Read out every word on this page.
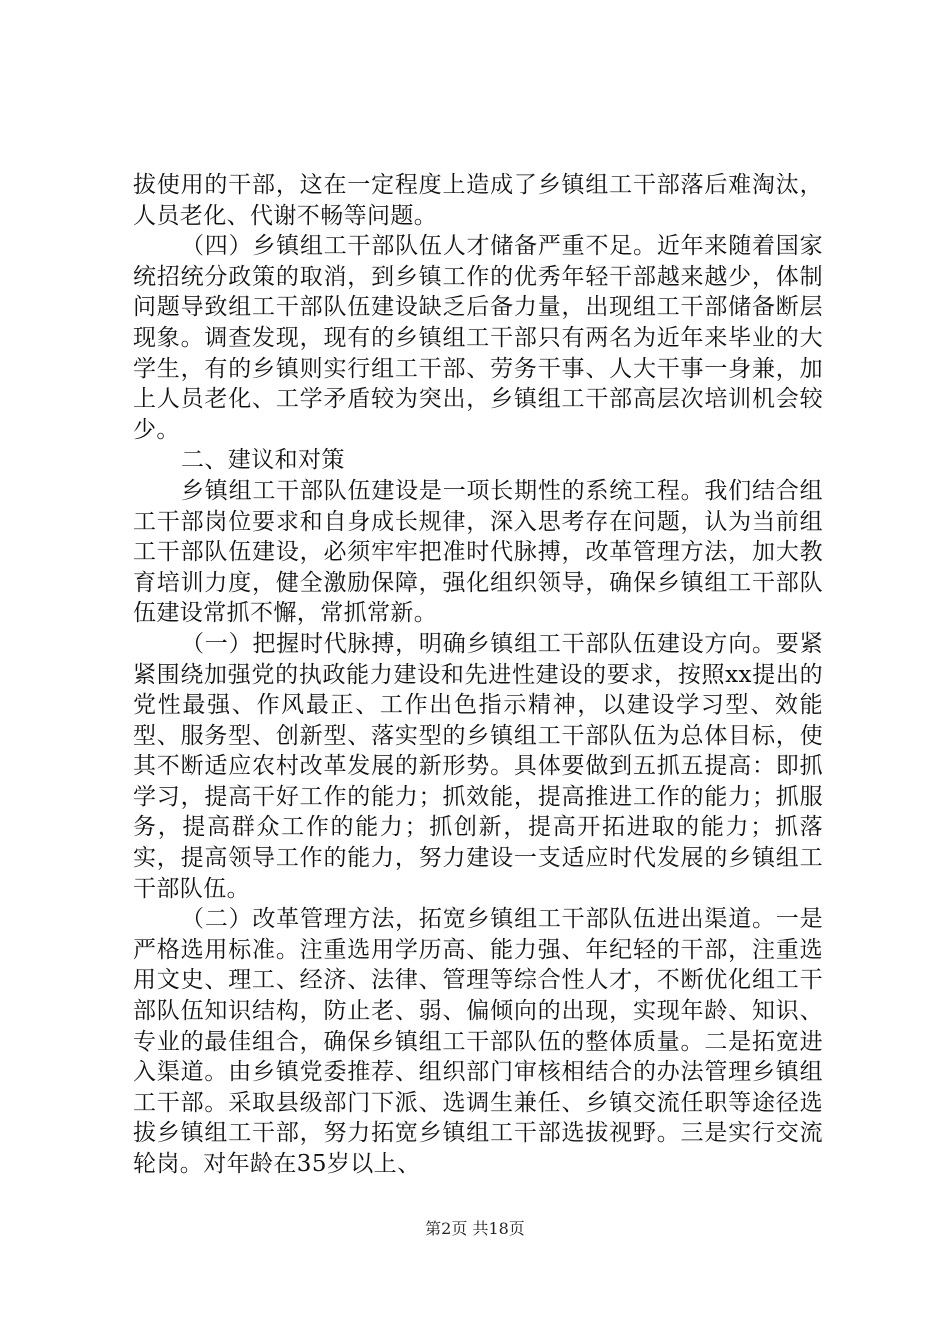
拔使用的干部，这在一定程度上造成了乡镇组工干部落后难淘汰，人员老化、代谢不畅等问题。

（四）乡镇组工干部队伍人才储备严重不足。近年来随着国家统招统分政策的取消，到乡镇工作的优秀年轻干部越来越少，体制问题导致组工干部队伍建设缺乏后备力量，出现组工干部储备断层现象。调查发现，现有的乡镇组工干部只有两名为近年来毕业的大学生，有的乡镇则实行组工干部、劳务干事、人大干事一身兼，加上人员老化、工学矛盾较为突出，乡镇组工干部高层次培训机会较少。

二、建议和对策

乡镇组工干部队伍建设是一项长期性的系统工程。我们结合组工干部岗位要求和自身成长规律，深入思考存在问题，认为当前组工干部队伍建设，必须牢牢把准时代脉搏，改革管理方法，加大教育培训力度，健全激励保障，强化组织领导，确保乡镇组工干部队伍建设常抓不懈，常抓常新。

（一）把握时代脉搏，明确乡镇组工干部队伍建设方向。要紧紧围绕加强党的执政能力建设和先进性建设的要求，按照xx提出的党性最强、作风最正、工作出色指示精神，以建设学习型、效能型、服务型、创新型、落实型的乡镇组工干部队伍为总体目标，使其不断适应农村改革发展的新形势。具体要做到五抓五提高：即抓学习，提高干好工作的能力；抓效能，提高推进工作的能力；抓服务，提高群众工作的能力；抓创新，提高开拓进取的能力；抓落实，提高领导工作的能力，努力建设一支适应时代发展的乡镇组工干部队伍。

（二）改革管理方法，拓宽乡镇组工干部队伍进出渠道。一是严格选用标准。注重选用学历高、能力强、年纪轻的干部，注重选用文史、理工、经济、法律、管理等综合性人才，不断优化组工干部队伍知识结构，防止老、弱、偏倾向的出现，实现年龄、知识、专业的最佳组合，确保乡镇组工干部队伍的整体质量。二是拓宽进入渠道。由乡镇党委推荐、组织部门审核相结合的办法管理乡镇组工干部。采取县级部门下派、选调生兼任、乡镇交流任职等途径选拔乡镇组工干部，努力拓宽乡镇组工干部选拔视野。三是实行交流轮岗。对年龄在35岁以上、

第2页 共18页
